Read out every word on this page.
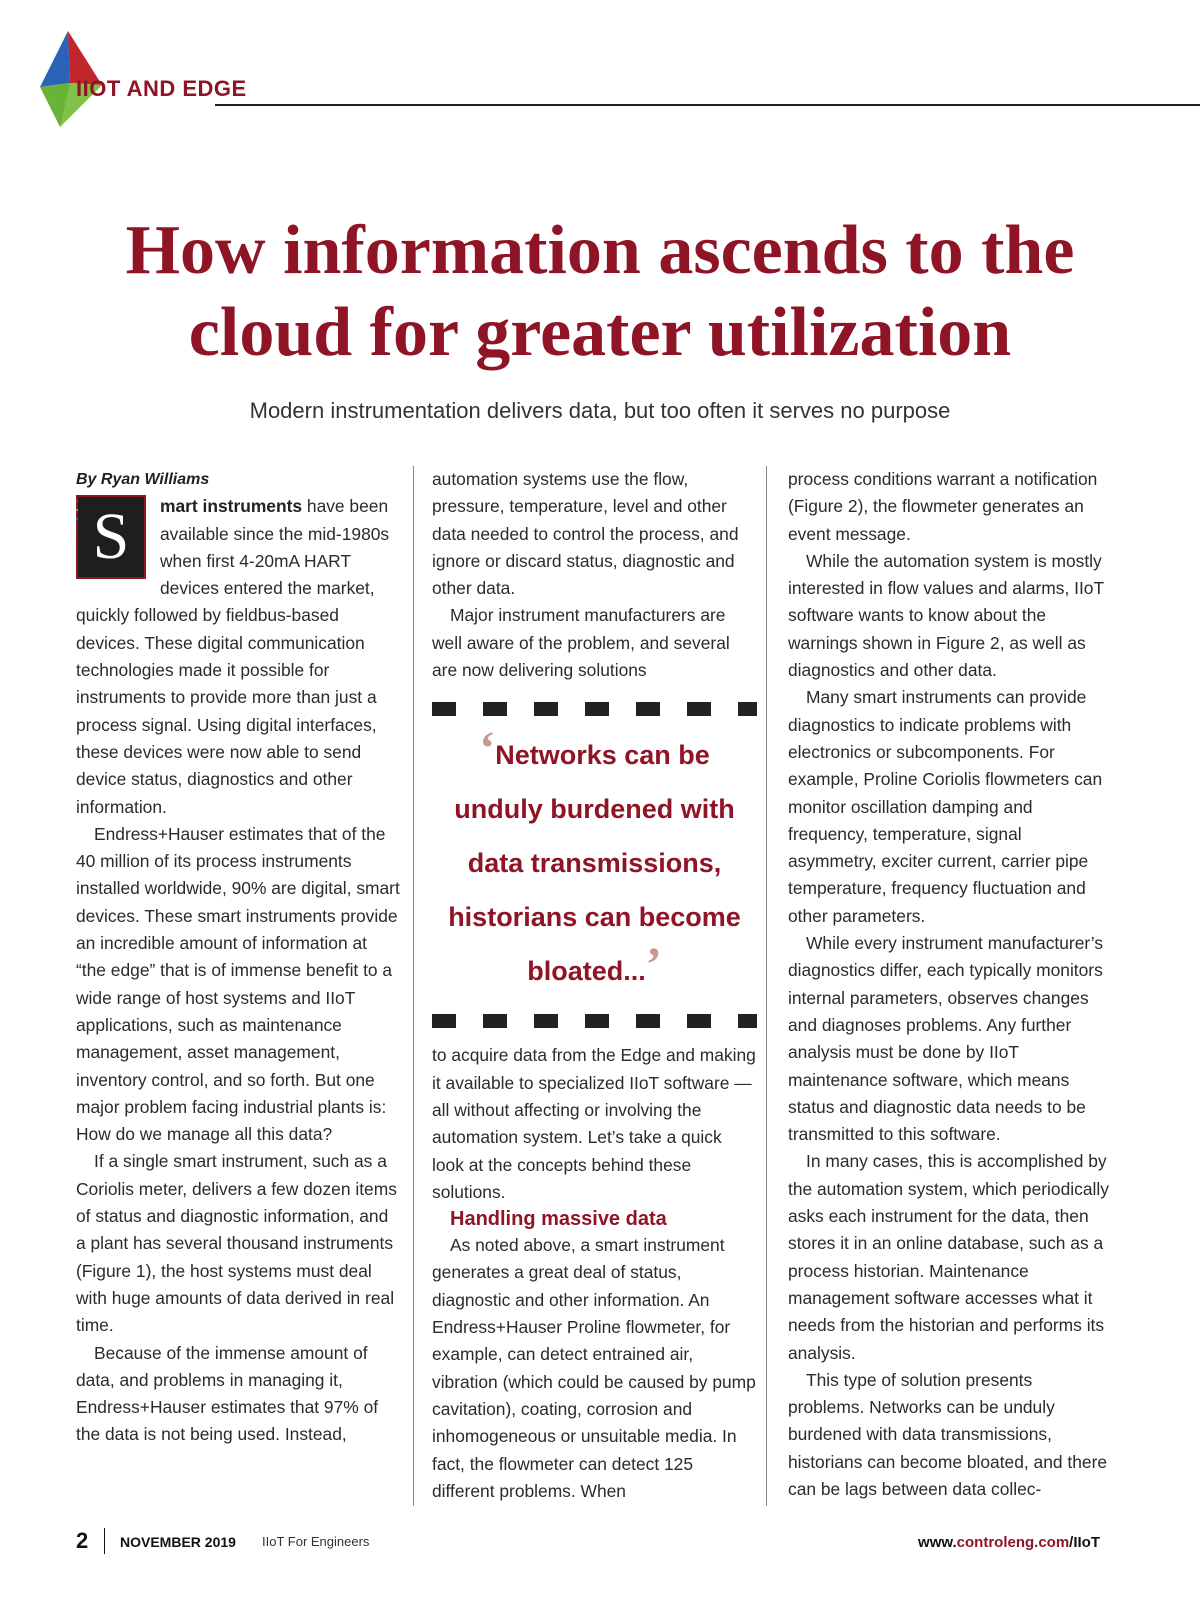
IIOT AND EDGE
How information ascends to the cloud for greater utilization

Modern instrumentation delivers data, but too often it serves no purpose

By Ryan Williams

S	mart instruments have been available since the mid-1980s when first 4-20mA HART devices entered the market, quickly followed by fieldbus-based devices. These digital communication technologies made it possible for instruments to provide more than just a process signal. Using digital interfaces, these devices were now able to send device status, diagnostics and other information.

Endress+Hauser estimates that of the 40 million of its process instruments installed worldwide, 90% are digital, smart devices. These smart instruments provide an incredible amount of information at “the edge” that is of immense benefit to a wide range of host systems and IIoT applications, such as maintenance management, asset management, inventory control, and so forth. But one major problem facing industrial plants is: How do we manage all this data?

If a single smart instrument, such as a Coriolis meter, delivers a few dozen items of status and diagnostic information, and a plant has several thousand instruments (Figure 1), the host systems must deal with huge amounts of data derived in real time.

Because of the immense amount of data, and problems in managing it, Endress+Hauser estimates that 97% of the data is not being used. Instead,

automation systems use the flow, pressure, temperature, level and other data needed to control the process, and ignore or discard status, diagnostic and other data.

Major instrument manufacturers are well aware of the problem, and several are now delivering solutions

‘Networks can be unduly burdened with data transmissions, historians can become bloated...’

to acquire data from the Edge and making it available to specialized IIoT software — all without affecting or involving the automation system. Let’s take a quick look at the concepts behind these solutions.

Handling massive data

As noted above, a smart instrument generates a great deal of status, diagnostic and other information. An Endress+Hauser Proline flowmeter, for example, can detect entrained air, vibration (which could be caused by pump cavitation), coating, corrosion and inhomogeneous or unsuitable media. In fact, the flowmeter can detect 125 different problems. When

process conditions warrant a notification (Figure 2), the flowmeter generates an event message.

While the automation system is mostly interested in flow values and alarms, IIoT software wants to know about the warnings shown in Figure 2, as well as diagnostics and other data.

Many smart instruments can provide diagnostics to indicate problems with electronics or subcomponents. For example, Proline Coriolis flowmeters can monitor oscillation damping and frequency, temperature, signal asymmetry, exciter current, carrier pipe temperature, frequency fluctuation and other parameters.

While every instrument manufacturer’s diagnostics differ, each typically monitors internal parameters, observes changes and diagnoses problems. Any further analysis must be done by IIoT maintenance software, which means status and diagnostic data needs to be transmitted to this software.

In many cases, this is accomplished by the automation system, which periodically asks each instrument for the data, then stores it in an online database, such as a process historian. Maintenance management software accesses what it needs from the historian and performs its analysis.

This type of solution presents problems. Networks can be unduly burdened with data transmissions, historians can become bloated, and there can be lags between data collec-

2 NOVEMBER 2019 IIoT For Engineers	www.controleng.com/IIoT
